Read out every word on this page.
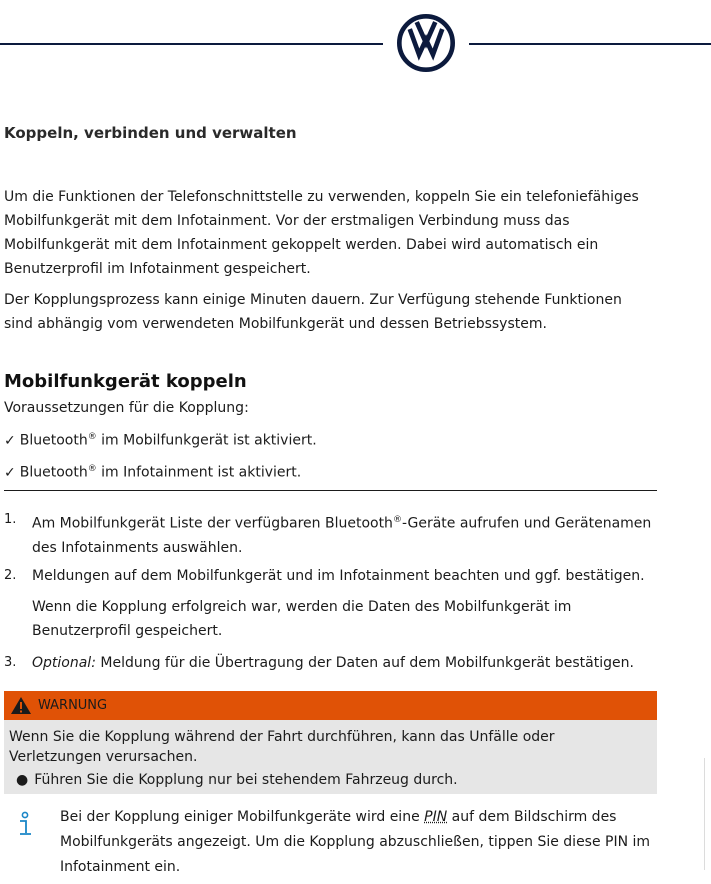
Koppeln, verbinden und verwalten
Um die Funktionen der Telefonschnittstelle zu verwenden, koppeln Sie ein telefoniefähiges Mobilfunkgerät mit dem Infotainment. Vor der erstmaligen Verbindung muss das Mobilfunkgerät mit dem Infotainment gekoppelt werden. Dabei wird automatisch ein Benutzerprofil im Infotainment gespeichert.
Der Kopplungsprozess kann einige Minuten dauern. Zur Verfügung stehende Funktionen sind abhängig vom verwendeten Mobilfunkgerät und dessen Betriebssystem.
Mobilfunkgerät koppeln
Voraussetzungen für die Kopplung:
✓ Bluetooth® im Mobilfunkgerät ist aktiviert.
✓ Bluetooth® im Infotainment ist aktiviert.
1.	Am Mobilfunkgerät Liste der verfügbaren Bluetooth®-Geräte aufrufen und Gerätenamen des Infotainments auswählen.
2.	Meldungen auf dem Mobilfunkgerät und im Infotainment beachten und ggf. bestätigen.
Wenn die Kopplung erfolgreich war, werden die Daten des Mobilfunkgerät im Benutzerprofil gespeichert.
3.	Optional: Meldung für die Übertragung der Daten auf dem Mobilfunkgerät bestätigen.
WARNUNG
Wenn Sie die Kopplung während der Fahrt durchführen, kann das Unfälle oder Verletzungen verursachen.
● Führen Sie die Kopplung nur bei stehendem Fahrzeug durch.
Bei der Kopplung einiger Mobilfunkgeräte wird eine PIN auf dem Bildschirm des Mobilfunkgeräts angezeigt. Um die Kopplung abzuschließen, tippen Sie diese PIN im Infotainment ein.
